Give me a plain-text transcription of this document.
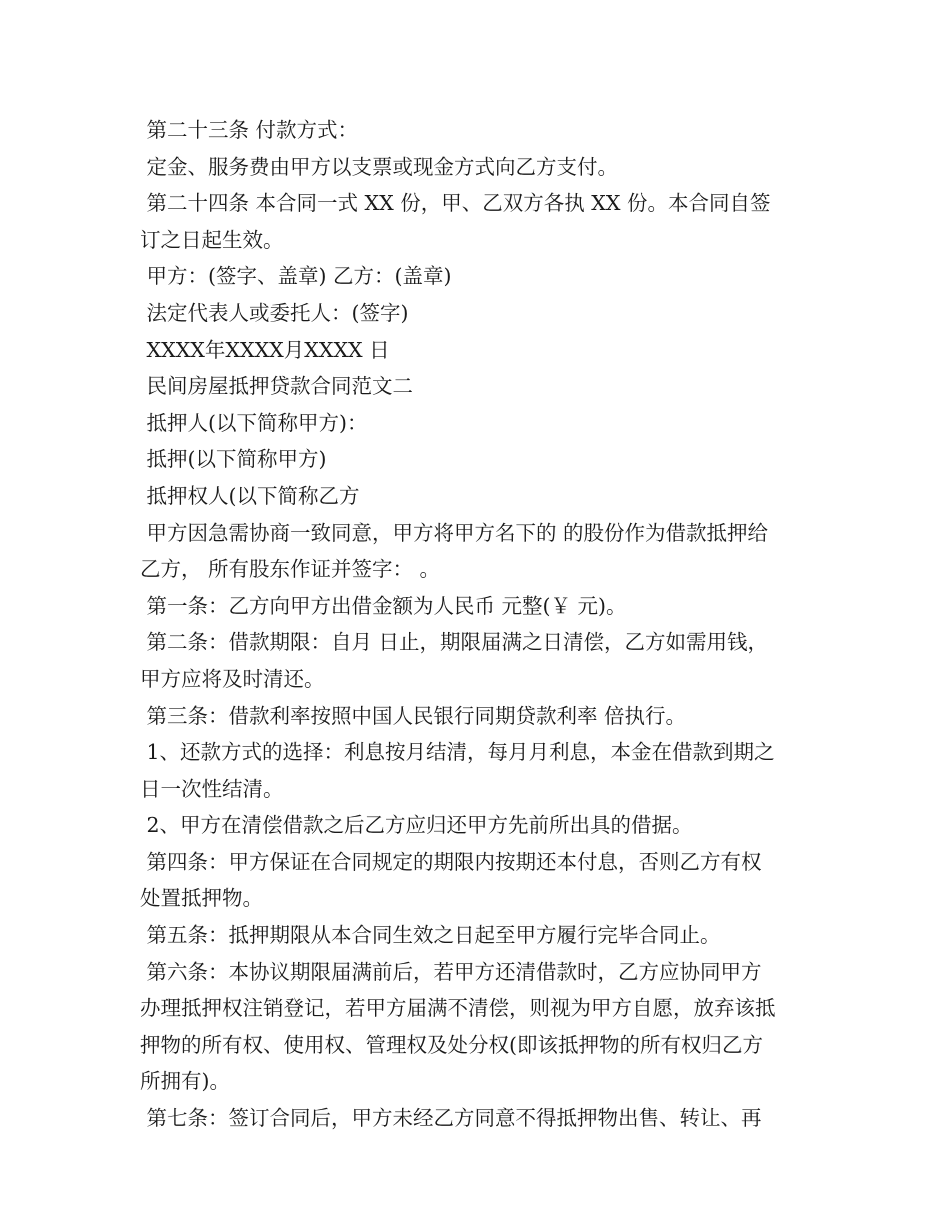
第二十三条 付款方式：
定金、服务费由甲方以支票或现金方式向乙方支付。
第二十四条 本合同一式 XX 份，甲、乙双方各执 XX 份。本合同自签
订之日起生效。
甲方：(签字、盖章) 乙方：(盖章)
法定代表人或委托人：(签字)
XXXX年XXXX月XXXX 日
民间房屋抵押贷款合同范文二
抵押人(以下简称甲方)：
抵押(以下简称甲方)
抵押权人(以下简称乙方
甲方因急需协商一致同意，甲方将甲方名下的 的股份作为借款抵押给
乙方， 所有股东作证并签字： 。
第一条：乙方向甲方出借金额为人民币 元整(￥ 元)。
第二条：借款期限：自月 日止，期限届满之日清偿，乙方如需用钱，
甲方应将及时清还。
第三条：借款利率按照中国人民银行同期贷款利率 倍执行。
1、还款方式的选择：利息按月结清，每月月利息，本金在借款到期之
日一次性结清。
2、甲方在清偿借款之后乙方应归还甲方先前所出具的借据。
第四条：甲方保证在合同规定的期限内按期还本付息，否则乙方有权
处置抵押物。
第五条：抵押期限从本合同生效之日起至甲方履行完毕合同止。
第六条：本协议期限届满前后，若甲方还清借款时，乙方应协同甲方
办理抵押权注销登记，若甲方届满不清偿，则视为甲方自愿，放弃该抵
押物的所有权、使用权、管理权及处分权(即该抵押物的所有权归乙方
所拥有)。
第七条：签订合同后，甲方未经乙方同意不得抵押物出售、转让、再
